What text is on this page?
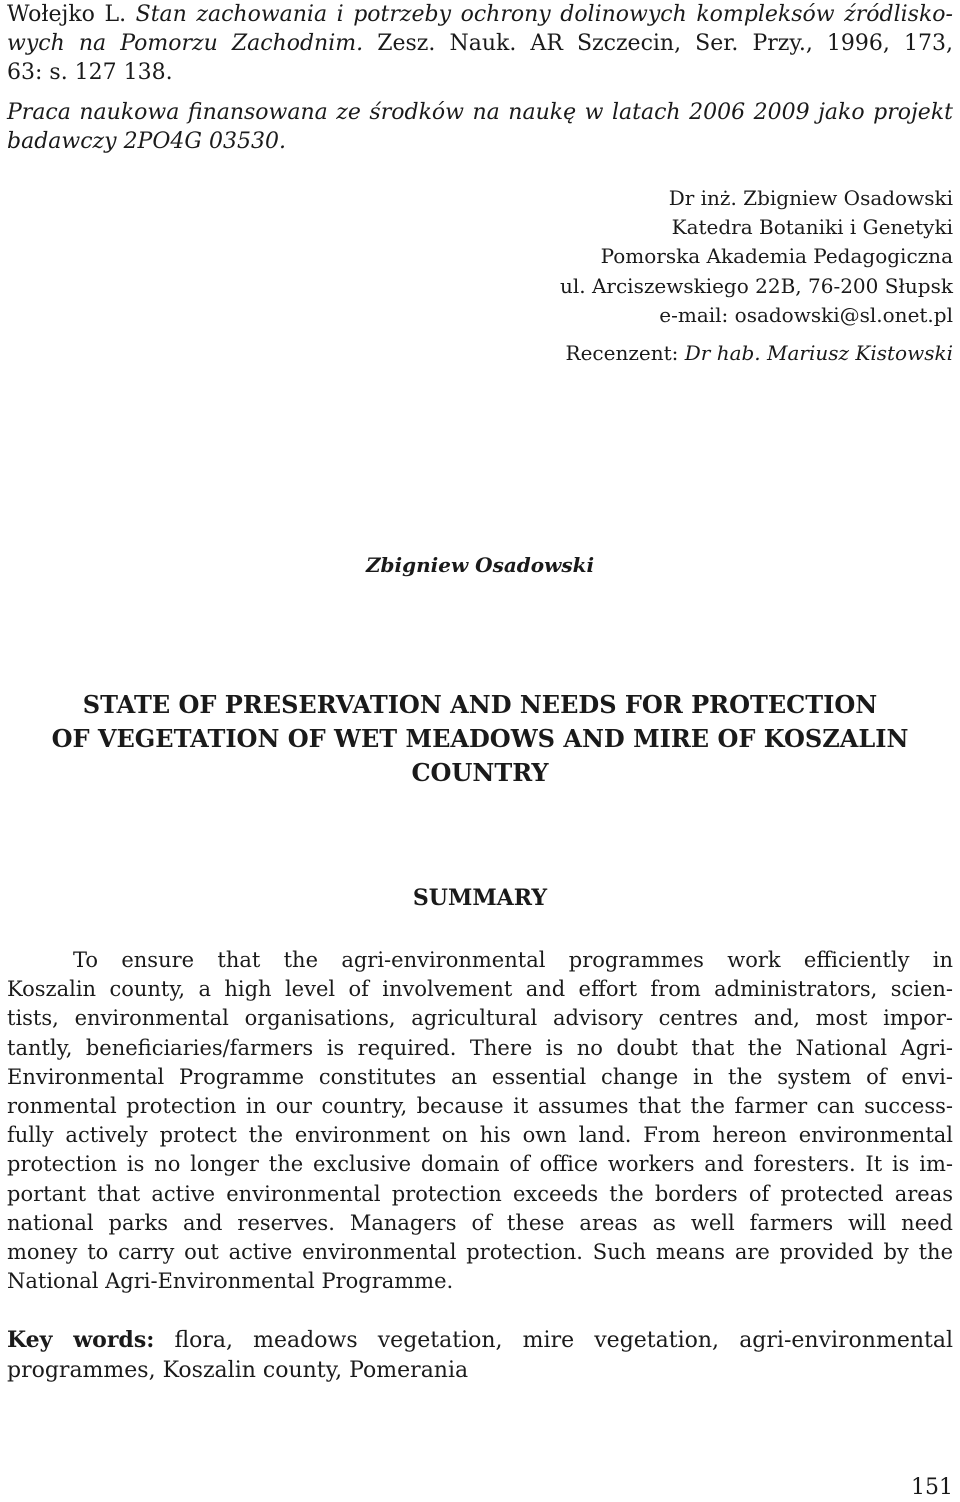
Wołejko L. Stan zachowania i potrzeby ochrony dolinowych kompleksów źródlisko-
wych na Pomorzu Zachodnim. Zesz. Nauk. AR Szczecin, Ser. Przy., 1996, 173,
63: s. 127 138.
Praca naukowa finansowana ze środków na naukę w latach 2006 2009 jako projekt
badawczy 2PO4G 03530.
Dr inż. Zbigniew Osadowski
Katedra Botaniki i Genetyki
Pomorska Akademia Pedagogiczna
ul. Arciszewskiego 22B, 76-200 Słupsk
e-mail: osadowski@sl.onet.pl
Recenzent: Dr hab. Mariusz Kistowski
Zbigniew Osadowski
STATE OF PRESERVATION AND NEEDS FOR PROTECTION
OF VEGETATION OF WET MEADOWS AND MIRE OF KOSZALIN
COUNTRY
SUMMARY
To ensure that the agri-environmental programmes work efficiently in
Koszalin county, a high level of involvement and effort from administrators, scien-
tists, environmental organisations, agricultural advisory centres and, most impor-
tantly, beneficiaries/farmers is required. There is no doubt that the National Agri-
Environmental Programme constitutes an essential change in the system of envi-
ronmental protection in our country, because it assumes that the farmer can success-
fully actively protect the environment on his own land. From hereon environmental
protection is no longer the exclusive domain of office workers and foresters. It is im-
portant that active environmental protection exceeds the borders of protected areas
national parks and reserves. Managers of these areas as well farmers will need
money to carry out active environmental protection. Such means are provided by the
National Agri-Environmental Programme.
Key words: flora, meadows vegetation, mire vegetation, agri-environmental
programmes, Koszalin county, Pomerania
151
